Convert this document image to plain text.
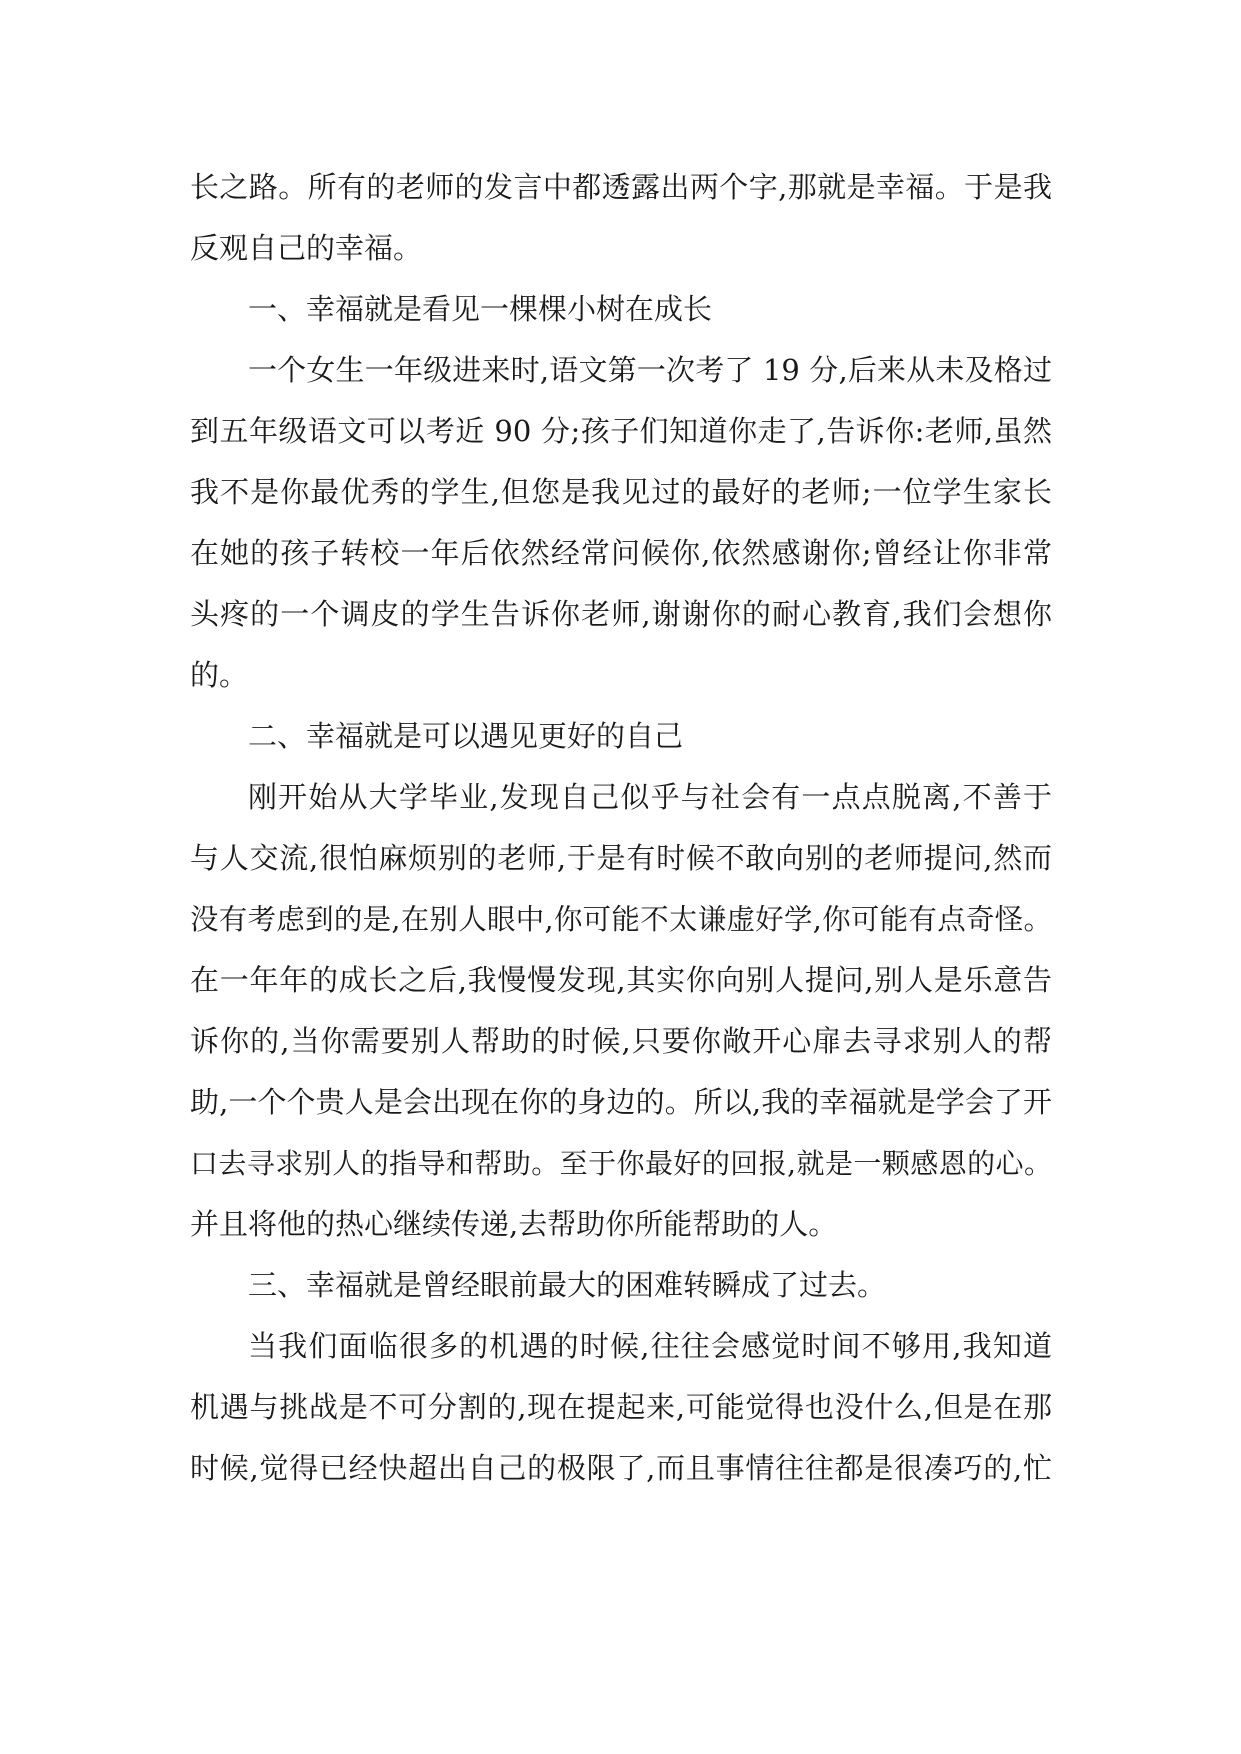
长之路。所有的老师的发言中都透露出两个字,那就是幸福。于是我
反观自己的幸福。
一、幸福就是看见一棵棵小树在成长
一个女生一年级进来时,语文第一次考了 19 分,后来从未及格过
到五年级语文可以考近 90 分;孩子们知道你走了,告诉你:老师,虽然
我不是你最优秀的学生,但您是我见过的最好的老师;一位学生家长
在她的孩子转校一年后依然经常问候你,依然感谢你;曾经让你非常
头疼的一个调皮的学生告诉你老师,谢谢你的耐心教育,我们会想你
的。
二、幸福就是可以遇见更好的自己
刚开始从大学毕业,发现自己似乎与社会有一点点脱离,不善于
与人交流,很怕麻烦别的老师,于是有时候不敢向别的老师提问,然而
没有考虑到的是,在别人眼中,你可能不太谦虚好学,你可能有点奇怪。
在一年年的成长之后,我慢慢发现,其实你向别人提问,别人是乐意告
诉你的,当你需要别人帮助的时候,只要你敞开心扉去寻求别人的帮
助,一个个贵人是会出现在你的身边的。所以,我的幸福就是学会了开
口去寻求别人的指导和帮助。至于你最好的回报,就是一颗感恩的心。
并且将他的热心继续传递,去帮助你所能帮助的人。
三、幸福就是曾经眼前最大的困难转瞬成了过去。
当我们面临很多的机遇的时候,往往会感觉时间不够用,我知道
机遇与挑战是不可分割的,现在提起来,可能觉得也没什么,但是在那
时候,觉得已经快超出自己的极限了,而且事情往往都是很凑巧的,忙
